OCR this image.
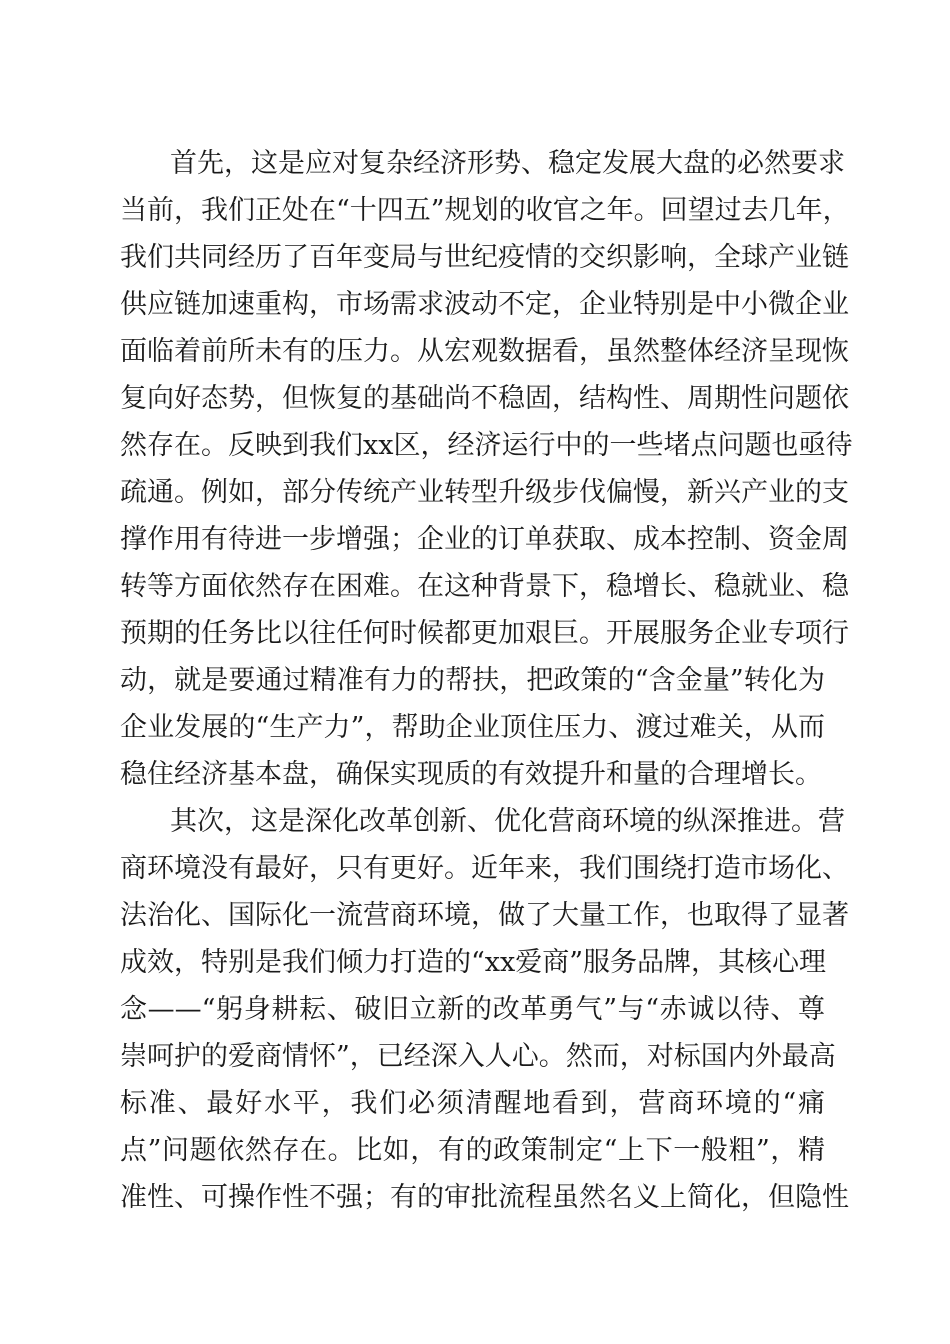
首先，这是应对复杂经济形势、稳定发展大盘的必然要求
当前，我们正处在“十四五”规划的收官之年。回望过去几年，
我们共同经历了百年变局与世纪疫情的交织影响，全球产业链
供应链加速重构，市场需求波动不定，企业特别是中小微企业
面临着前所未有的压力。从宏观数据看，虽然整体经济呈现恢
复向好态势，但恢复的基础尚不稳固，结构性、周期性问题依
然存在。反映到我们xx区，经济运行中的一些堵点问题也亟待
疏通。例如，部分传统产业转型升级步伐偏慢，新兴产业的支
撑作用有待进一步增强；企业的订单获取、成本控制、资金周
转等方面依然存在困难。在这种背景下，稳增长、稳就业、稳
预期的任务比以往任何时候都更加艰巨。开展服务企业专项行
动，就是要通过精准有力的帮扶，把政策的“含金量”转化为
企业发展的“生产力”，帮助企业顶住压力、渡过难关，从而
稳住经济基本盘，确保实现质的有效提升和量的合理增长。
其次，这是深化改革创新、优化营商环境的纵深推进。营
商环境没有最好，只有更好。近年来，我们围绕打造市场化、
法治化、国际化一流营商环境，做了大量工作，也取得了显著
成效，特别是我们倾力打造的“xx爱商”服务品牌，其核心理
念——“躬身耕耘、破旧立新的改革勇气”与“赤诚以待、尊
崇呵护的爱商情怀”，已经深入人心。然而，对标国内外最高
标准、最好水平，我们必须清醒地看到，营商环境的“痛
点”问题依然存在。比如，有的政策制定“上下一般粗”，精
准性、可操作性不强；有的审批流程虽然名义上简化，但隐性
